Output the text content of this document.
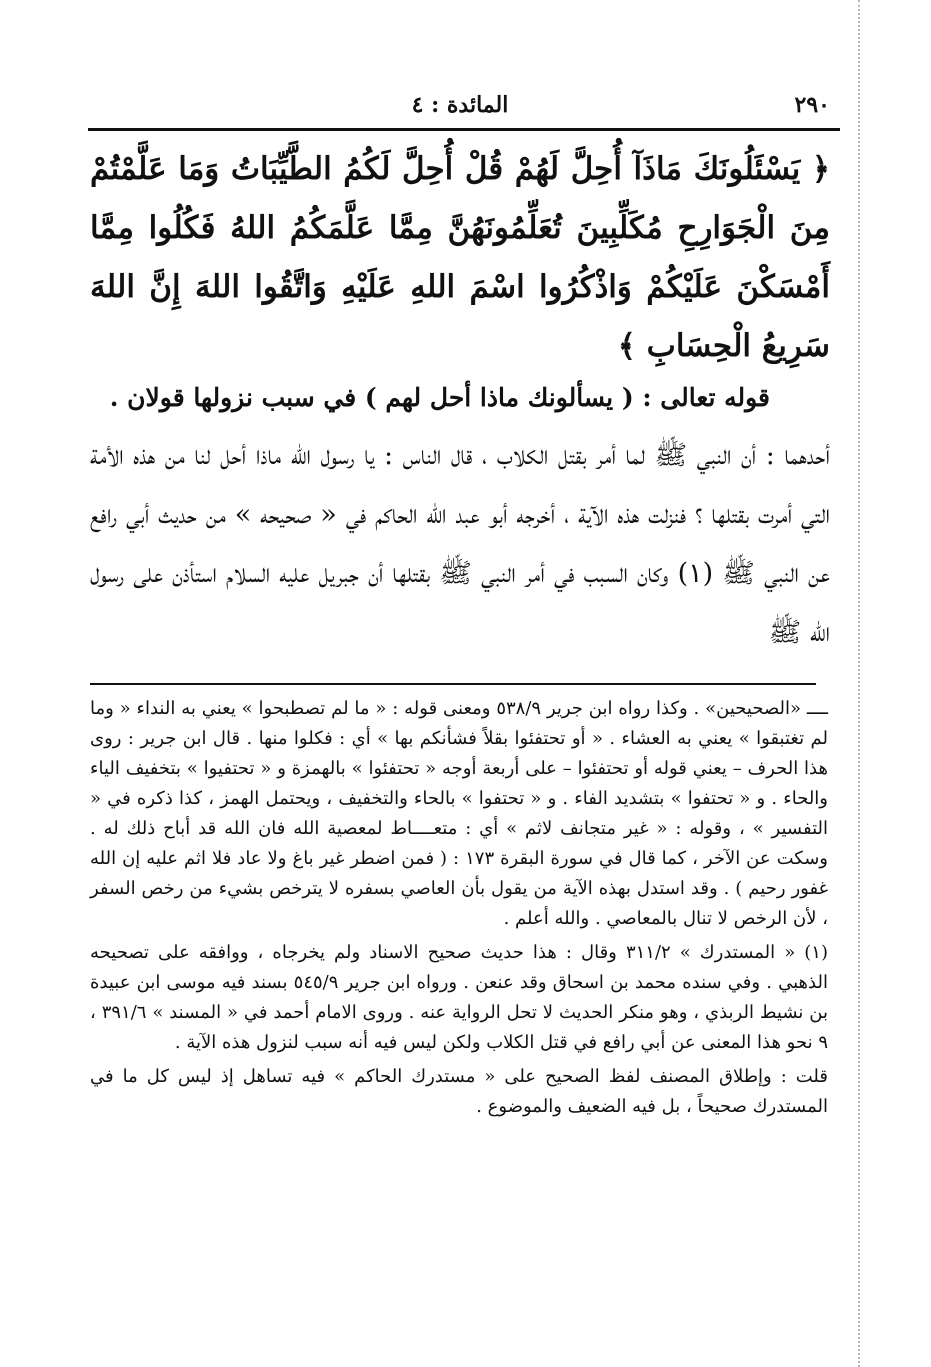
٢٩٠
المائدة : ٤
﴿ يَسْئَلُونَكَ مَاذَآ أُحِلَّ لَهُمْ قُلْ أُحِلَّ لَكُمُ الطَّيِّبَاتُ وَمَا عَلَّمْتُمْ مِنَ الْجَوَارِحِ مُكَلِّبِينَ تُعَلِّمُونَهُنَّ مِمَّا عَلَّمَكُمُ اللهُ فَكُلُوا مِمَّا أَمْسَكْنَ عَلَيْكُمْ وَاذْكُرُوا اسْمَ اللهِ عَلَيْهِ وَاتَّقُوا اللهَ إِنَّ اللهَ سَرِيعُ الْحِسَابِ ﴾

قوله تعالى : ( يسألونك ماذا أحل لهم ) في سبب نزولها قولان .

أحدهما : أن النبي ﷺ لما أمر بقتل الكلاب ، قال الناس : يا رسول الله ماذا أحل لنا من هذه الأمة التي أمرت بقتلها ؟ فنزلت هذه الآية ، أخرجه أبو عبد الله الحاكم في « صحيحه » من حديث أبي رافع عن النبي ﷺ (١) وكان السبب في أمر النبي ﷺ بقتلها أن جبريل عليه السلام استأذن على رسول الله ﷺ

ــــ «الصحيحين» . وكذا رواه ابن جرير ٥٣٨/٩ ومعنى قوله : « ما لم تصطبحوا » يعني به النداء « وما لم تغتبقوا » يعني به العشاء . « أو تحتفئوا بقلاً فشأنكم بها » أي : فكلوا منها . قال ابن جرير : روى هذا الحرف – يعني قوله أو تحتفئوا – على أربعة أوجه « تحتفئوا » بالهمزة و « تحتفيوا » بتخفيف الياء والحاء . و « تحتفوا » بتشديد الفاء . و « تحتفوا » بالحاء والتخفيف ، ويحتمل الهمز ، كذا ذكره في « التفسير » ، وقوله : « غير متجانف لاثم » أي : متعــــاط لمعصية الله فان الله قد أباح ذلك له . وسكت عن الآخر ، كما قال في سورة البقرة ١٧٣ : ( فمن اضطر غير باغ ولا عاد فلا اثم عليه إن الله غفور رحيم ) . وقد استدل بهذه الآية من يقول بأن العاصي بسفره لا يترخص بشيء من رخص السفر ، لأن الرخص لا تنال بالمعاصي . والله أعلم .

(١) « المستدرك » ٣١١/٢ وقال : هذا حديث صحيح الاسناد ولم يخرجاه ، ووافقه على تصحيحه الذهبي . وفي سنده محمد بن اسحاق وقد عنعن . ورواه ابن جرير ٥٤٥/٩ بسند فيه موسى ابن عبيدة بن نشيط الربذي ، وهو منكر الحديث لا تحل الرواية عنه . وروى الامام أحمد في « المسند » ٣٩١/٦ ، ٩ نحو هذا المعنى عن أبي رافع في قتل الكلاب ولكن ليس فيه أنه سبب لنزول هذه الآية .

قلت : وإطلاق المصنف لفظ الصحيح على « مستدرك الحاكم » فيه تساهل إذ ليس كل ما في المستدرك صحيحاً ، بل فيه الضعيف والموضوع .
